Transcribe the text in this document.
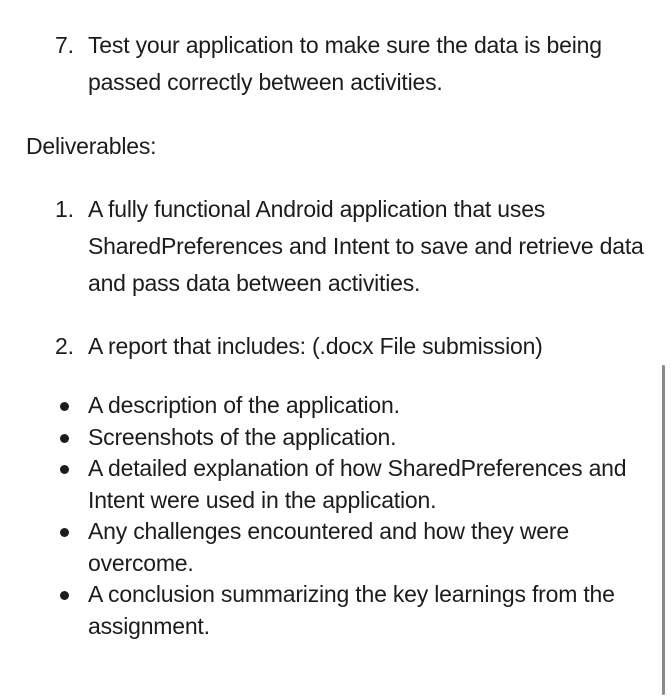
7. Test your application to make sure the data is being passed correctly between activities.
Deliverables:
1. A fully functional Android application that uses SharedPreferences and Intent to save and retrieve data and pass data between activities.
2. A report that includes: (.docx File submission)
A description of the application.
Screenshots of the application.
A detailed explanation of how SharedPreferences and Intent were used in the application.
Any challenges encountered and how they were overcome.
A conclusion summarizing the key learnings from the assignment.
